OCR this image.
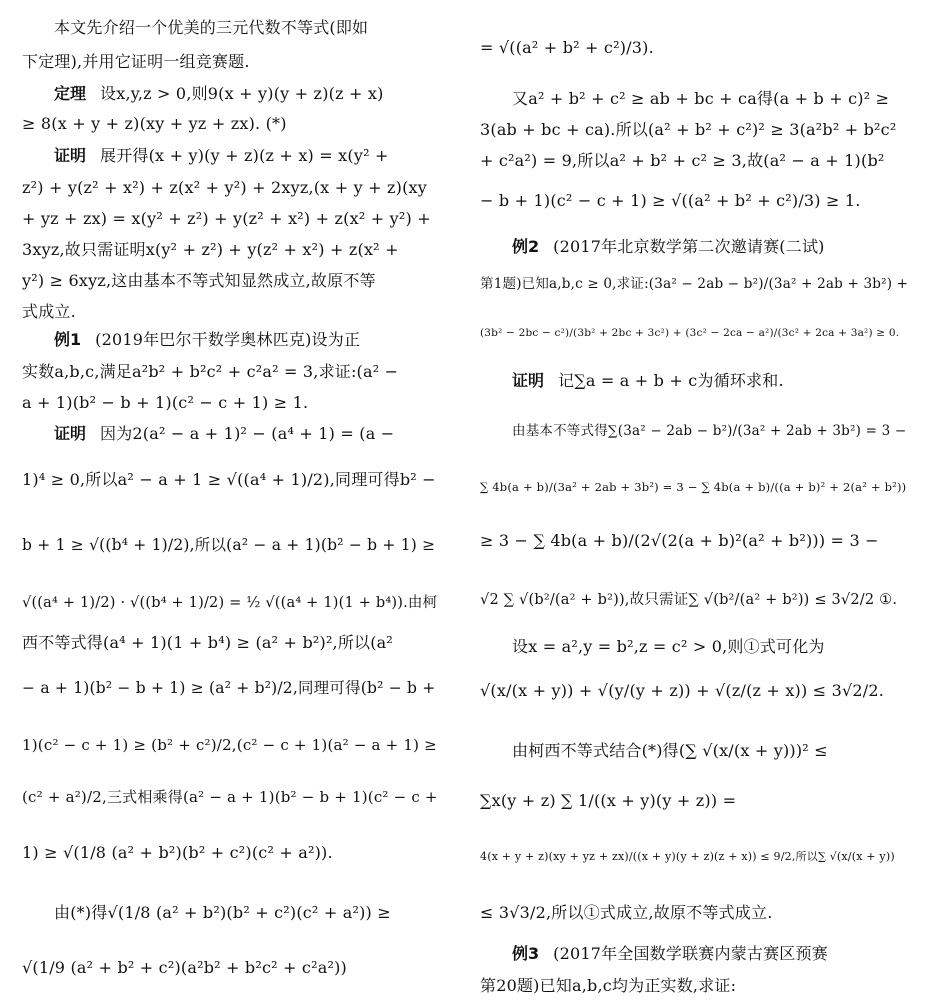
本文先介绍一个优美的三元代数不等式(即如
下定理),并用它证明一组竞赛题.
定理 设x,y,z > 0,则9(x + y)(y + z)(z + x)
≥ 8(x + y + z)(xy + yz + zx). (*)
证明 展开得(x + y)(y + z)(z + x) = x(y² +
z²) + y(z² + x²) + z(x² + y²) + 2xyz,(x + y + z)(xy
+ yz + zx) = x(y² + z²) + y(z² + x²) + z(x² + y²) +
3xyz,故只需证明x(y² + z²) + y(z² + x²) + z(x² +
y²) ≥ 6xyz,这由基本不等式知显然成立,故原不等
式成立.
例1 (2019年巴尔干数学奥林匹克)设为正
实数a,b,c,满足a²b² + b²c² + c²a² = 3,求证:(a² −
a + 1)(b² − b + 1)(c² − c + 1) ≥ 1.
证明 因为2(a² − a + 1)² − (a⁴ + 1) = (a −
1)⁴ ≥ 0,所以a² − a + 1 ≥ √((a⁴ + 1)/2),同理可得b² −
b + 1 ≥ √((b⁴ + 1)/2),所以(a² − a + 1)(b² − b + 1) ≥
√((a⁴ + 1)/2) · √((b⁴ + 1)/2) = ½ √((a⁴ + 1)(1 + b⁴)).由柯
西不等式得(a⁴ + 1)(1 + b⁴) ≥ (a² + b²)²,所以(a²
− a + 1)(b² − b + 1) ≥ (a² + b²)/2,同理可得(b² − b +
1)(c² − c + 1) ≥ (b² + c²)/2,(c² − c + 1)(a² − a + 1) ≥
(c² + a²)/2,三式相乘得(a² − a + 1)(b² − b + 1)(c² − c +
1) ≥ √(1/8 (a² + b²)(b² + c²)(c² + a²)).
由(*)得√(1/8 (a² + b²)(b² + c²)(c² + a²)) ≥
√(1/9 (a² + b² + c²)(a²b² + b²c² + c²a²))
= √((a² + b² + c²)/3).
又a² + b² + c² ≥ ab + bc + ca得(a + b + c)² ≥
3(ab + bc + ca).所以(a² + b² + c²)² ≥ 3(a²b² + b²c²
+ c²a²) = 9,所以a² + b² + c² ≥ 3,故(a² − a + 1)(b²
− b + 1)(c² − c + 1) ≥ √((a² + b² + c²)/3) ≥ 1.
例2 (2017年北京数学第二次邀请赛(二试)
第1题)已知a,b,c ≥ 0,求证:(3a² − 2ab − b²)/(3a² + 2ab + 3b²) +
(3b² − 2bc − c²)/(3b² + 2bc + 3c²) + (3c² − 2ca − a²)/(3c² + 2ca + 3a²) ≥ 0.
证明 记∑a = a + b + c为循环求和.
由基本不等式得∑(3a² − 2ab − b²)/(3a² + 2ab + 3b²) = 3 −
∑ 4b(a + b)/(3a² + 2ab + 3b²) = 3 − ∑ 4b(a + b)/((a + b)² + 2(a² + b²))
≥ 3 − ∑ 4b(a + b)/(2√(2(a + b)²(a² + b²))) = 3 −
√2 ∑ √(b²/(a² + b²)),故只需证∑ √(b²/(a² + b²)) ≤ 3√2/2 ①.
设x = a²,y = b²,z = c² > 0,则①式可化为
√(x/(x + y)) + √(y/(y + z)) + √(z/(z + x)) ≤ 3√2/2.
由柯西不等式结合(*)得(∑ √(x/(x + y)))² ≤
∑x(y + z) ∑ 1/((x + y)(y + z)) =
4(x + y + z)(xy + yz + zx)/((x + y)(y + z)(z + x)) ≤ 9/2,所以∑ √(x/(x + y))
≤ 3√3/2,所以①式成立,故原不等式成立.
例3 (2017年全国数学联赛内蒙古赛区预赛
第20题)已知a,b,c均为正实数,求证:
